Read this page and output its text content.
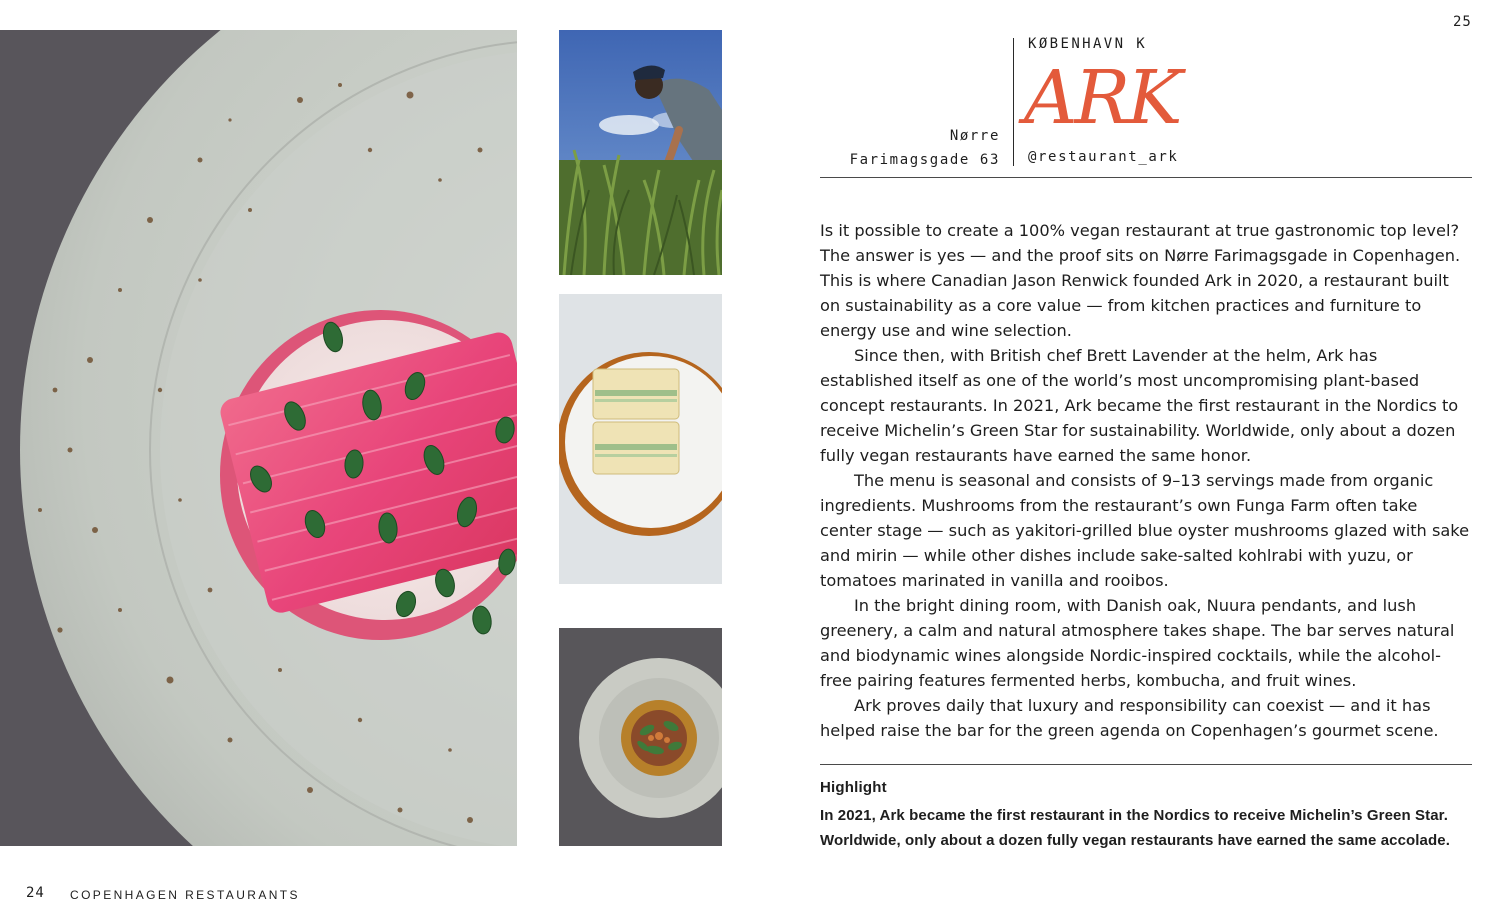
24 COPENHAGEN RESTAURANTS
25
Nørre
Farimagsgade 63
KØBENHAVN K
ARK
@restaurant_ark

Is it possible to create a 100% vegan restaurant at true gastronomic top level? The answer is yes — and the proof sits on Nørre Farimagsgade in Copenhagen. This is where Canadian Jason Renwick founded Ark in 2020, a restaurant built on sustainability as a core value — from kitchen practices and furniture to energy use and wine selection.

Since then, with British chef Brett Lavender at the helm, Ark has established itself as one of the world’s most uncompromising plant-based concept restaurants. In 2021, Ark became the first restaurant in the Nordics to receive Michelin’s Green Star for sustainability. Worldwide, only about a dozen fully vegan restaurants have earned the same honor.

The menu is seasonal and consists of 9–13 servings made from organic ingredients. Mushrooms from the restaurant’s own Funga Farm often take center stage — such as yakitori-grilled blue oyster mushrooms glazed with sake and mirin — while other dishes include sake-salted kohlrabi with yuzu, or tomatoes marinated in vanilla and rooibos.

In the bright dining room, with Danish oak, Nuura pendants, and lush greenery, a calm and natural atmosphere takes shape. The bar serves natural and biodynamic wines alongside Nordic-inspired cocktails, while the alcohol-free pairing features fermented herbs, kombucha, and fruit wines.

Ark proves daily that luxury and responsibility can coexist — and it has helped raise the bar for the green agenda on Copenhagen’s gourmet scene.

Highlight
In 2021, Ark became the first restaurant in the Nordics to receive Michelin’s Green Star. Worldwide, only about a dozen fully vegan restaurants have earned the same accolade.
